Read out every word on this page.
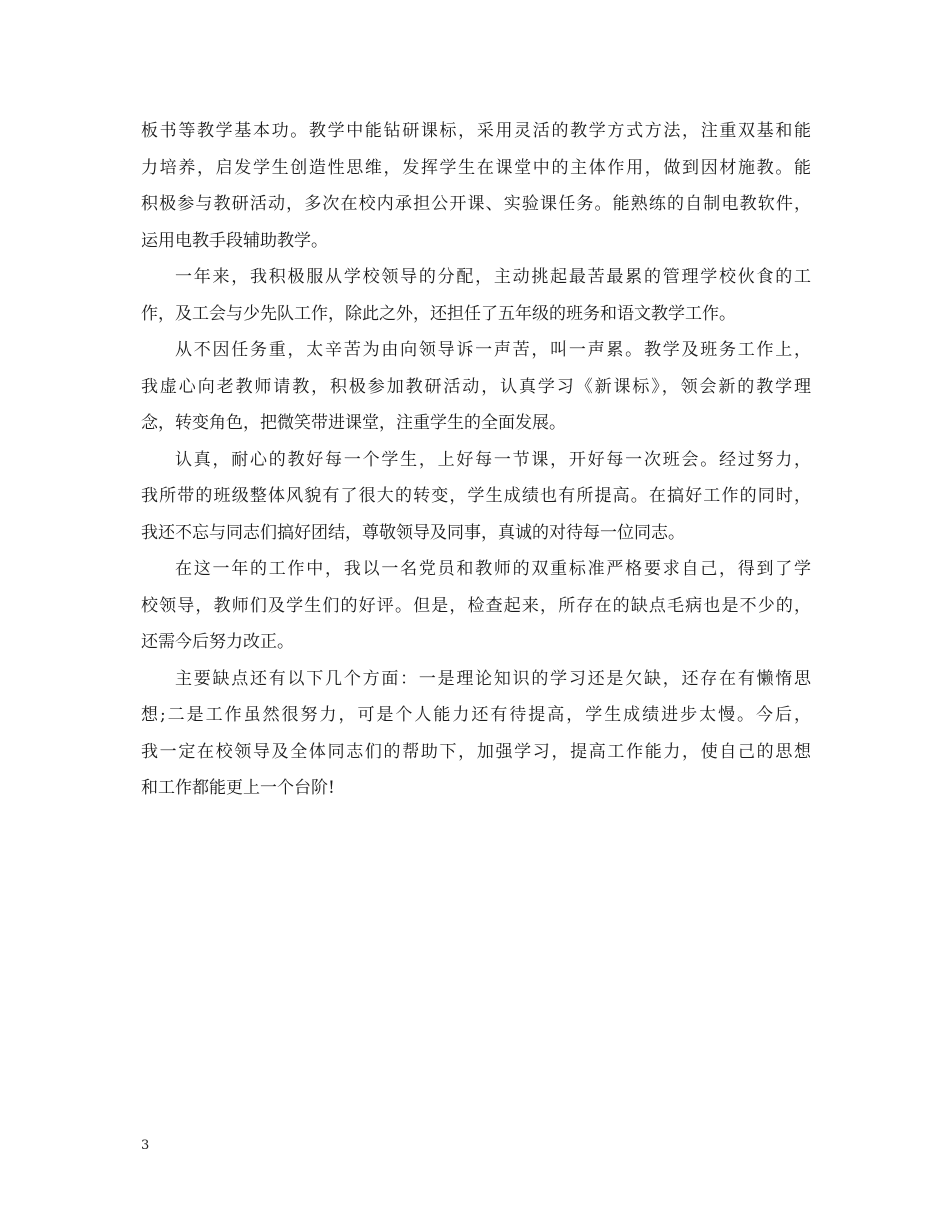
板书等教学基本功。教学中能钻研课标，采用灵活的教学方式方法，注重双基和能
力培养，启发学生创造性思维，发挥学生在课堂中的主体作用，做到因材施教。能
积极参与教研活动，多次在校内承担公开课、实验课任务。能熟练的自制电教软件，
运用电教手段辅助教学。
一年来，我积极服从学校领导的分配，主动挑起最苦最累的管理学校伙食的工
作，及工会与少先队工作，除此之外，还担任了五年级的班务和语文教学工作。
从不因任务重，太辛苦为由向领导诉一声苦，叫一声累。教学及班务工作上，
我虚心向老教师请教，积极参加教研活动，认真学习《新课标》，领会新的教学理
念，转变角色，把微笑带进课堂，注重学生的全面发展。
认真，耐心的教好每一个学生，上好每一节课，开好每一次班会。经过努力，
我所带的班级整体风貌有了很大的转变，学生成绩也有所提高。在搞好工作的同时，
我还不忘与同志们搞好团结，尊敬领导及同事，真诚的对待每一位同志。
在这一年的工作中，我以一名党员和教师的双重标准严格要求自己，得到了学
校领导，教师们及学生们的好评。但是，检查起来，所存在的缺点毛病也是不少的，
还需今后努力改正。
主要缺点还有以下几个方面：一是理论知识的学习还是欠缺，还存在有懒惰思
想;二是工作虽然很努力，可是个人能力还有待提高，学生成绩进步太慢。今后，
我一定在校领导及全体同志们的帮助下，加强学习，提高工作能力，使自己的思想
和工作都能更上一个台阶!
3
